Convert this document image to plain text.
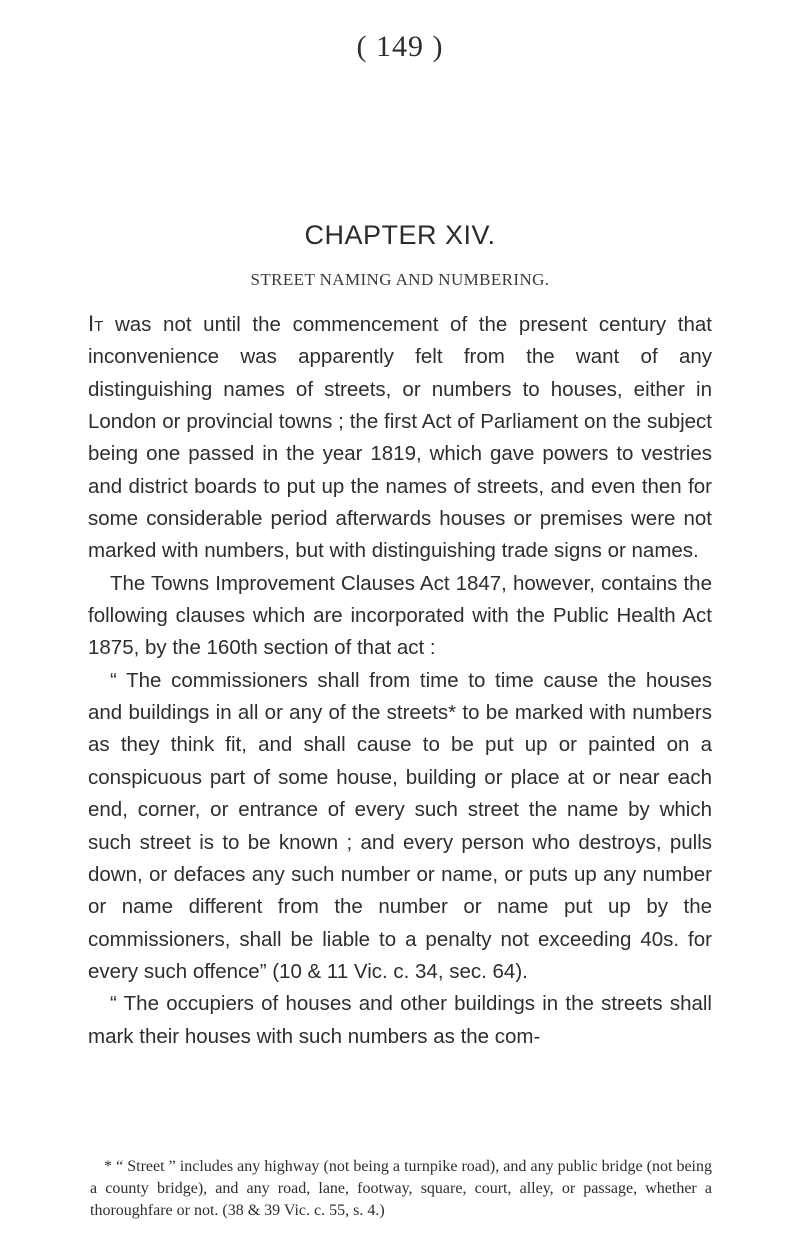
( 149 )
CHAPTER XIV.
STREET NAMING AND NUMBERING.

It was not until the commencement of the present century that inconvenience was apparently felt from the want of any distinguishing names of streets, or numbers to houses, either in London or provincial towns ; the first Act of Parliament on the subject being one passed in the year 1819, which gave powers to vestries and district boards to put up the names of streets, and even then for some considerable period afterwards houses or premises were not marked with numbers, but with distinguishing trade signs or names.

The Towns Improvement Clauses Act 1847, however, contains the following clauses which are incorporated with the Public Health Act 1875, by the 160th section of that act :

“ The commissioners shall from time to time cause the houses and buildings in all or any of the streets* to be marked with numbers as they think fit, and shall cause to be put up or painted on a conspicuous part of some house, building or place at or near each end, corner, or entrance of every such street the name by which such street is to be known ; and every person who destroys, pulls down, or defaces any such number or name, or puts up any number or name different from the number or name put up by the commissioners, shall be liable to a penalty not exceeding 40s. for every such offence” (10 & 11 Vic. c. 34, sec. 64).

“ The occupiers of houses and other buildings in the streets shall mark their houses with such numbers as the com-

* “ Street ” includes any highway (not being a turnpike road), and any public bridge (not being a county bridge), and any road, lane, footway, square, court, alley, or passage, whether a thoroughfare or not. (38 & 39 Vic. c. 55, s. 4.)
